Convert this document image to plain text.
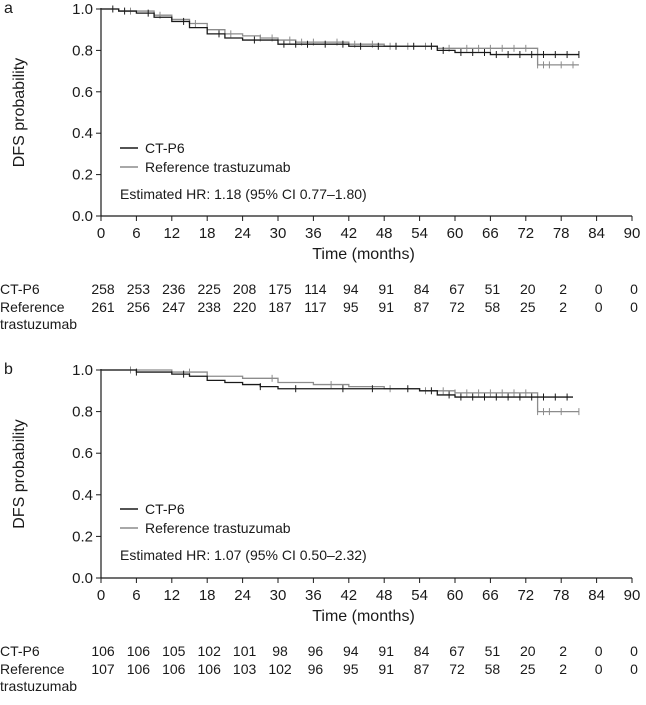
a
0.0
0.2
0.4
0.6
0.8
1.0
0 6 12 18 24 30 36 42 48 54 60 66 72 78 84 90
Time (months)
DFS probability	CT-P6
Reference trastuzumab
Estimated HR: 1.18 (95% CI 0.77–1.80)
CT-P6
Reference
trastuzumab
258 253 236 225 208 175 114 94 91 84 67 51 20 2 0 0
261 256 247 238 220 187 117 95 91 87 72 58 25 2 0 0
b
0.0
0.2
0.4
0.6
0.8
1.0
0 6 12 18 24 30 36 42 48 54 60 66 72 78 84 90
Time (months)
DFS probability	CT-P6
Reference trastuzumab
Estimated HR: 1.07 (95% CI 0.50–2.32)
CT-P6
Reference
trastuzumab
106 106 105 102 101 98 96 94 91 84 67 51 20 2 0 0
107 106 106 106 103 102 96 95 91 87 72 58 25 2 0 0
